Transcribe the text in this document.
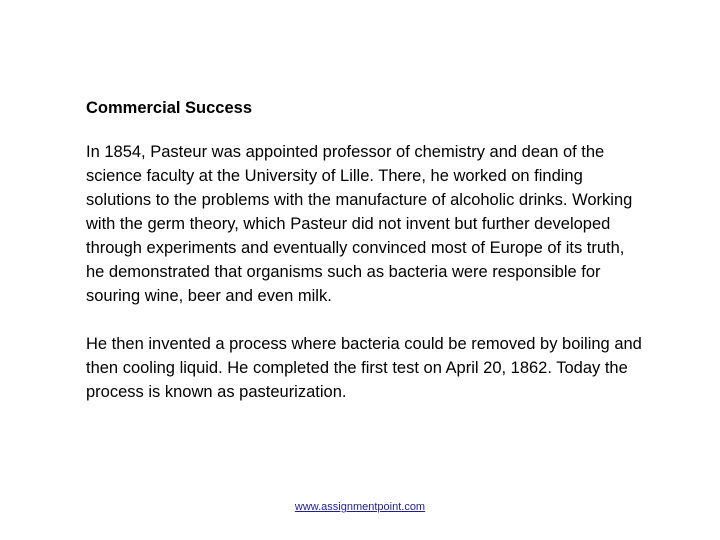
Commercial Success

In 1854, Pasteur was appointed professor of chemistry and dean of the science faculty at the University of Lille. There, he worked on finding solutions to the problems with the manufacture of alcoholic drinks. Working with the germ theory, which Pasteur did not invent but further developed through experiments and eventually convinced most of Europe of its truth, he demonstrated that organisms such as bacteria were responsible for souring wine, beer and even milk.

He then invented a process where bacteria could be removed by boiling and then cooling liquid. He completed the first test on April 20, 1862. Today the process is known as pasteurization.

www.assignmentpoint.com
